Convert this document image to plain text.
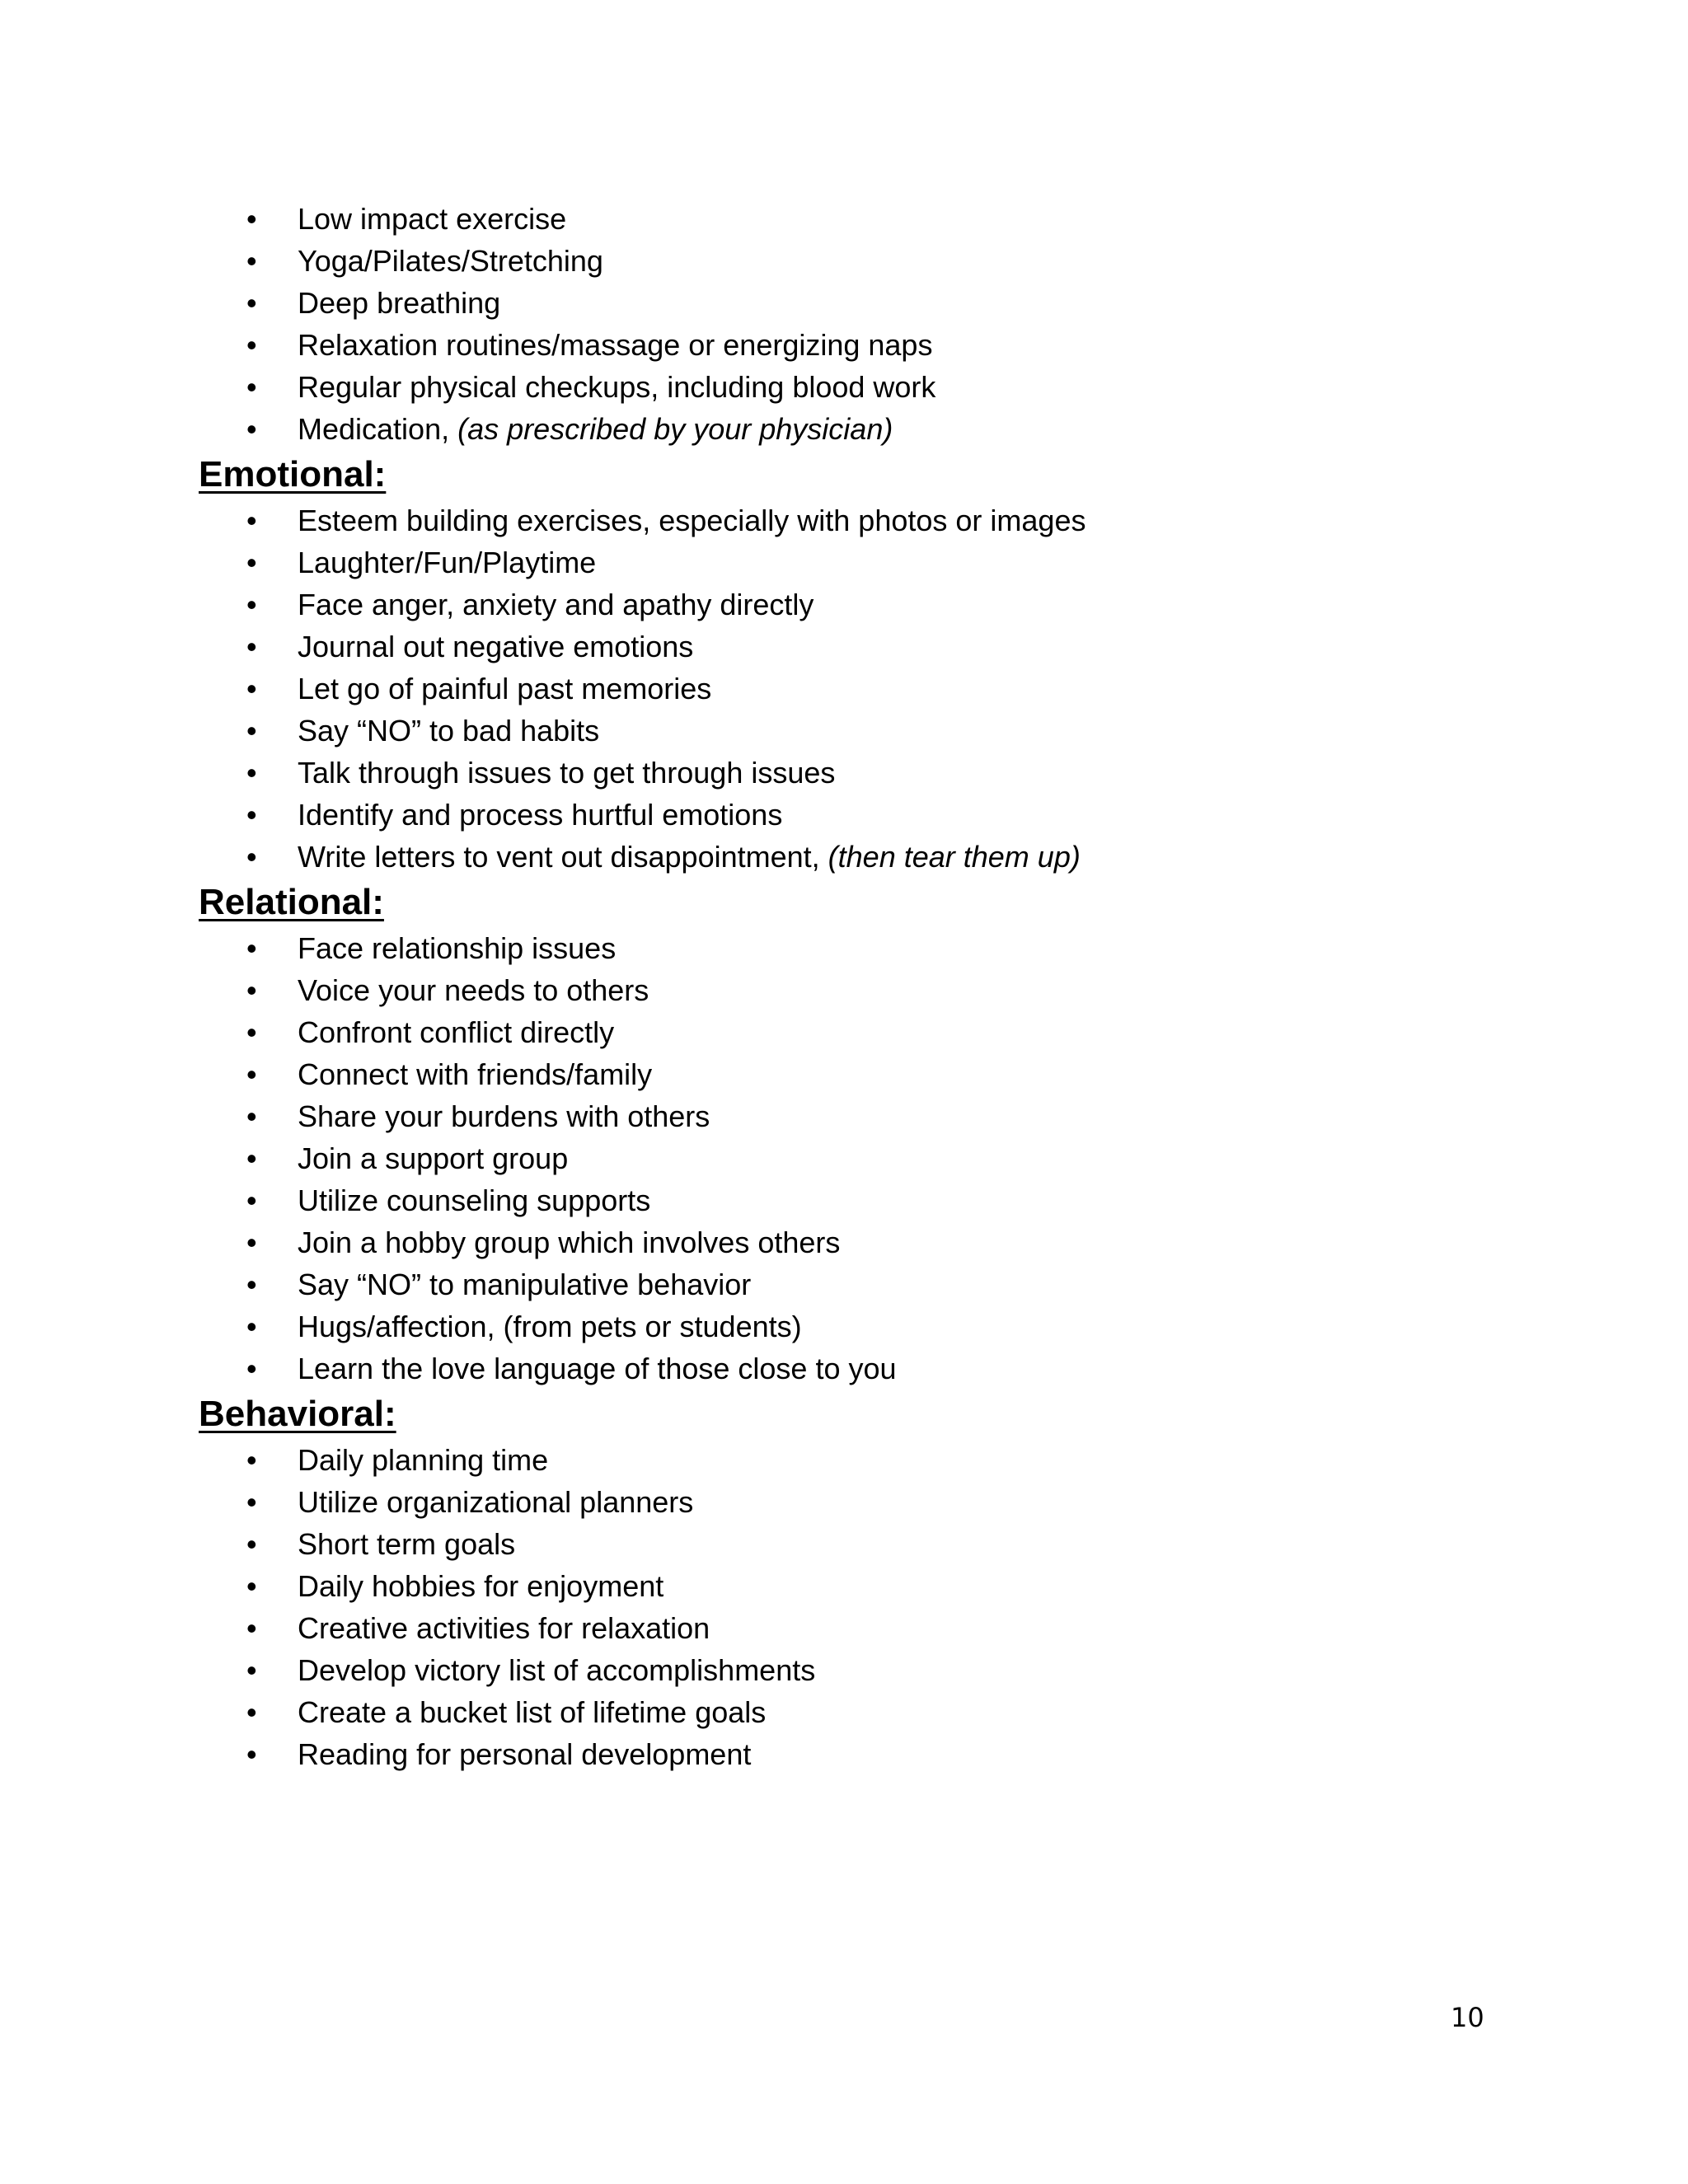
• Low impact exercise
• Yoga/Pilates/Stretching
• Deep breathing
• Relaxation routines/massage or energizing naps
• Regular physical checkups, including blood work
• Medication, (as prescribed by your physician)
Emotional:
• Esteem building exercises, especially with photos or images
• Laughter/Fun/Playtime
• Face anger, anxiety and apathy directly
• Journal out negative emotions
• Let go of painful past memories
• Say “NO” to bad habits
• Talk through issues to get through issues
• Identify and process hurtful emotions
• Write letters to vent out disappointment, (then tear them up)
Relational:
• Face relationship issues
• Voice your needs to others
• Confront conflict directly
• Connect with friends/family
• Share your burdens with others
• Join a support group
• Utilize counseling supports
• Join a hobby group which involves others
• Say “NO” to manipulative behavior
• Hugs/affection, (from pets or students)
• Learn the love language of those close to you
Behavioral:
• Daily planning time
• Utilize organizational planners
• Short term goals
• Daily hobbies for enjoyment
• Creative activities for relaxation
• Develop victory list of accomplishments
• Create a bucket list of lifetime goals
• Reading for personal development
10
